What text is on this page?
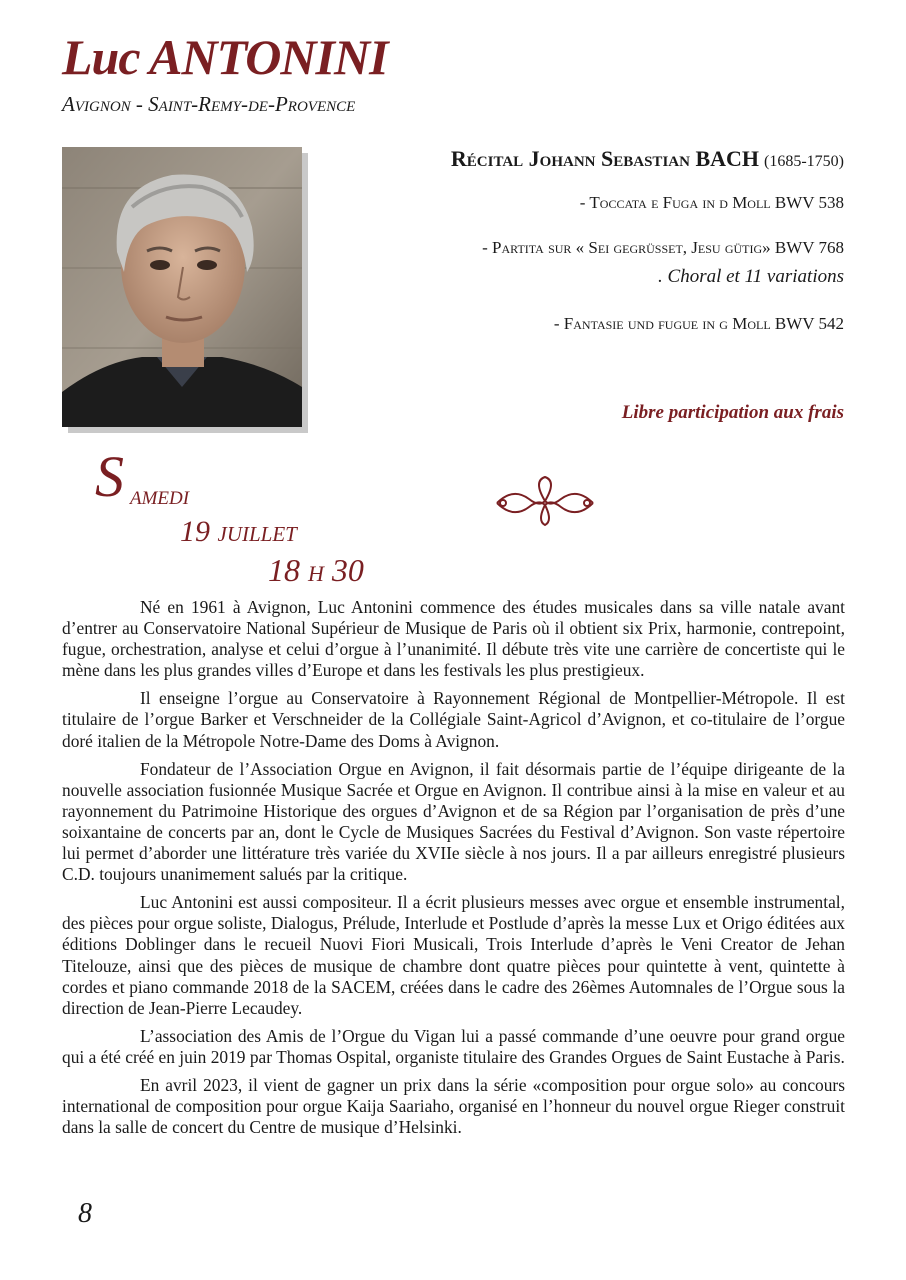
Luc ANTONINI
Avignon - Saint-Remy-de-Provence
Récital Johann Sebastian BACH (1685-1750)
- Toccata e Fuga in d Moll BWV 538
- Partita sur « Sei gegrüsset, Jesu gütig» BWV 768
. Choral et 11 variations
- Fantasie und fugue in g Moll BWV 542
Libre participation aux frais
S amedi
19 juillet
18 h 30

Né en 1961 à Avignon, Luc Antonini commence des études musicales dans sa ville natale avant d’entrer au Conservatoire National Supérieur de Musique de Paris où il obtient six Prix, harmonie, contrepoint, fugue, orchestration, analyse et celui d’orgue à l’unanimité. Il débute très vite une carrière de concertiste qui le mène dans les plus grandes villes d’Europe et dans les festivals les plus prestigieux.

Il enseigne l’orgue au Conservatoire à Rayonnement Régional de Montpellier-Métropole. Il est titulaire de l’orgue Barker et Verschneider de la Collégiale Saint-Agricol d’Avignon, et co-titulaire de l’orgue doré italien de la Métropole Notre-Dame des Doms à Avignon.

Fondateur de l’Association Orgue en Avignon, il fait désormais partie de l’équipe dirigeante de la nouvelle association fusionnée Musique Sacrée et Orgue en Avignon. Il contribue ainsi à la mise en valeur et au rayonnement du Patrimoine Historique des orgues d’Avignon et de sa Région par l’organisation de près d’une soixantaine de concerts par an, dont le Cycle de Musiques Sacrées du Festival d’Avignon. Son vaste répertoire lui permet d’aborder une littérature très variée du XVIIe siècle à nos jours. Il a par ailleurs enregistré plusieurs C.D. toujours unanimement salués par la critique.

Luc Antonini est aussi compositeur. Il a écrit plusieurs messes avec orgue et ensemble instrumental, des pièces pour orgue soliste, Dialogus, Prélude, Interlude et Postlude d’après la messe Lux et Origo éditées aux éditions Doblinger dans le recueil Nuovi Fiori Musicali, Trois Interlude d’après le Veni Creator de Jehan Titelouze, ainsi que des pièces de musique de chambre dont quatre pièces pour quintette à vent, quintette à cordes et piano commande 2018 de la SACEM, créées dans le cadre des 26èmes Automnales de l’Orgue sous la direction de Jean-Pierre Lecaudey.

L’association des Amis de l’Orgue du Vigan lui a passé commande d’une oeuvre pour grand orgue qui a été créé en juin 2019 par Thomas Ospital, organiste titulaire des Grandes Orgues de Saint Eustache à Paris.

En avril 2023, il vient de gagner un prix dans la série «composition pour orgue solo» au concours international de composition pour orgue Kaija Saariaho, organisé en l’honneur du nouvel orgue Rieger construit dans la salle de concert du Centre de musique d’Helsinki.

8
